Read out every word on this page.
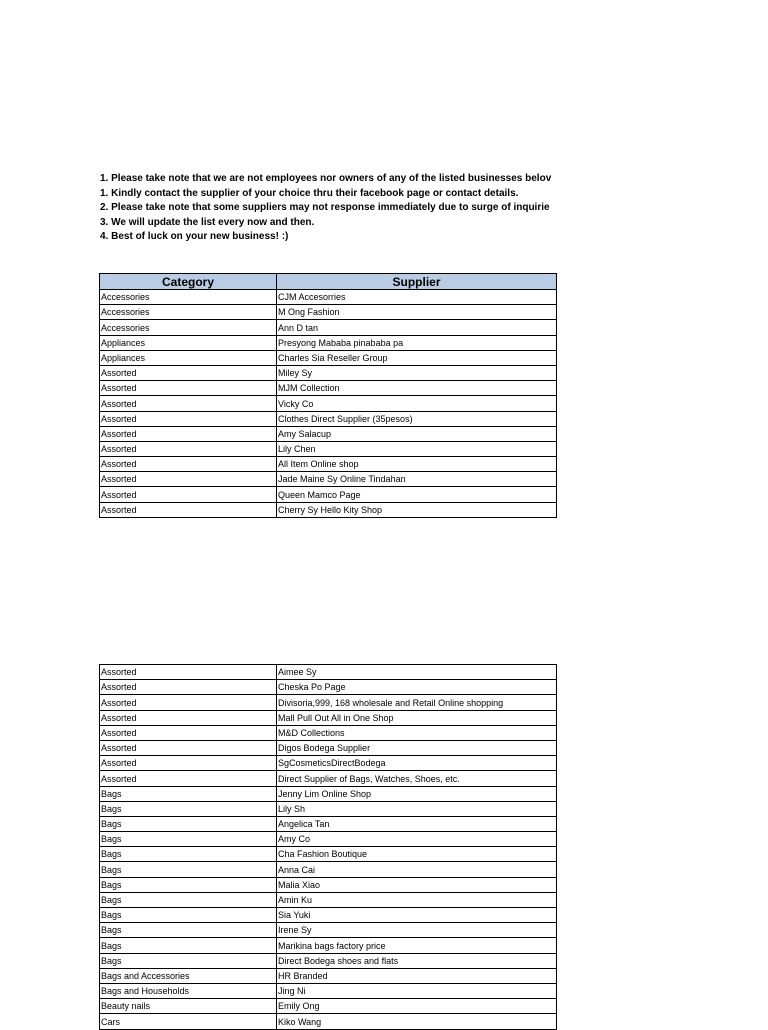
1. Please take note that we are not employees nor owners of any of the listed businesses belov
1. Kindly contact the supplier of your choice thru their facebook page or contact details.
2. Please take note that some suppliers may not response immediately due to surge of inquirie
3. We will update the list every now and then.
4. Best of luck on your new business! :)
Category	Supplier
Accessories	CJM Accesorries
Accessories	M Ong Fashion
Accessories	Ann D tan
Appliances	Presyong Mababa pinababa pa
Appliances	Charles Sia Reseller Group
Assorted	Miley Sy
Assorted	MJM Collection
Assorted	Vicky Co
Assorted	Clothes Direct Supplier (35pesos)
Assorted	Amy Salacup
Assorted	Lily Chen
Assorted	All Item Online shop
Assorted	Jade Maine Sy Online Tindahan
Assorted	Queen Mamco Page
Assorted	Cherry Sy Hello Kity Shop
Assorted	Aimee Sy
Assorted	Cheska Po Page
Assorted	Divisoria,999, 168 wholesale and Retail Online shopping
Assorted	Mall Pull Out All in One Shop
Assorted	M&D Collections
Assorted	Digos Bodega Supplier
Assorted	SgCosmeticsDirectBodega
Assorted	Direct Supplier of Bags, Watches, Shoes, etc.
Bags	Jenny Lim Online Shop
Bags	Lily Sh
Bags	Angelica Tan
Bags	Amy Co
Bags	Cha Fashion Boutique
Bags	Anna Cai
Bags	Malia Xiao
Bags	Amin Ku
Bags	Sia Yuki
Bags	Irene Sy
Bags	Marikina bags factory price
Bags	Direct Bodega shoes and flats
Bags and Accessories	HR Branded
Bags and Households	Jing Ni
Beauty nails	Emily Ong
Cars	Kiko Wang
